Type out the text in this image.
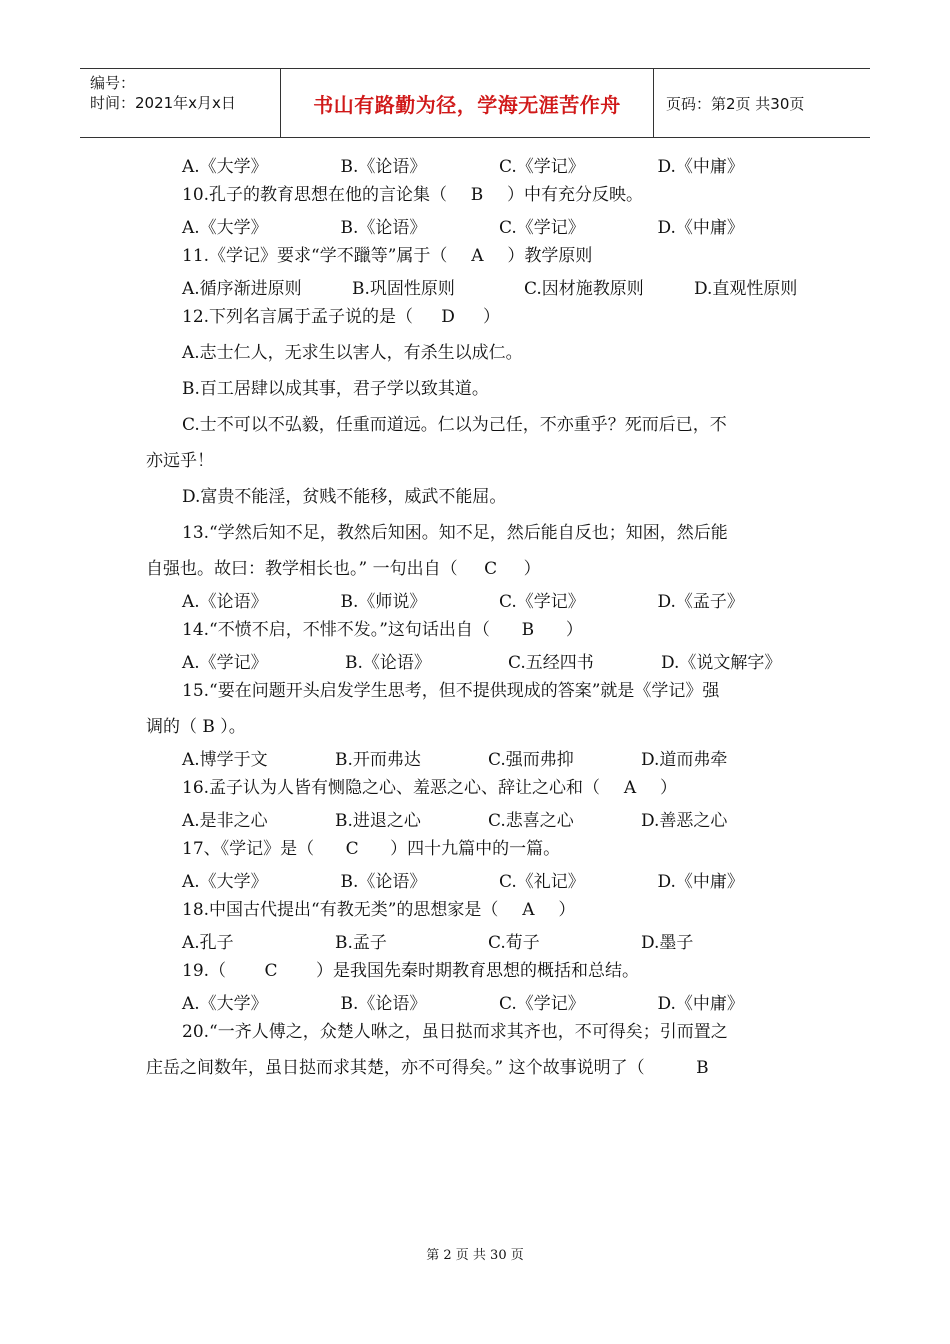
编号：
时间：2021年x月x日	书山有路勤为径，学海无涯苦作舟	页码：第2页 共30页
A.《大学》	B.《论语》	C.《学记》	D.《中庸》
10.孔子的教育思想在他的言论集（ B ）中有充分反映。
A.《大学》	B.《论语》	C.《学记》	D.《中庸》
11.《学记》要求“学不躐等”属于（ A ）教学原则
A.循序渐进原则	B.巩固性原则	C.因材施教原则	D.直观性原则
12.下列名言属于孟子说的是（ D ）
A.志士仁人，无求生以害人，有杀生以成仁。
B.百工居肆以成其事，君子学以致其道。
C.士不可以不弘毅，任重而道远。仁以为己任，不亦重乎？死而后已，不
亦远乎！
D.富贵不能淫，贫贱不能移，威武不能屈。
13.“学然后知不足，教然后知困。知不足，然后能自反也；知困，然后能
自强也。故曰：教学相长也。” 一句出自（ C ）
A.《论语》	B.《师说》	C.《学记》	D.《孟子》
14.“不愤不启，不悱不发。”这句话出自（ B ）
A.《学记》	B.《论语》	C.五经四书	D.《说文解字》
15.“要在问题开头启发学生思考，但不提供现成的答案”就是《学记》强
调的（ B ）。
A.博学于文	B.开而弗达	C.强而弗抑	D.道而弗牵
16.孟子认为人皆有恻隐之心、羞恶之心、辞让之心和（ A ）
A.是非之心	B.进退之心	C.悲喜之心	D.善恶之心
17、《学记》是（ C ）四十九篇中的一篇。
A.《大学》	B.《论语》	C.《礼记》	D.《中庸》
18.中国古代提出“有教无类”的思想家是（ A ）
A.孔子	B.孟子	C.荀子	D.墨子
19.（ C ）是我国先秦时期教育思想的概括和总结。
A.《大学》	B.《论语》	C.《学记》	D.《中庸》
20.“一齐人傅之，众楚人咻之，虽日挞而求其齐也，不可得矣；引而置之
庄岳之间数年，虽日挞而求其楚，亦不可得矣。” 这个故事说明了（	B
第 2 页 共 30 页
